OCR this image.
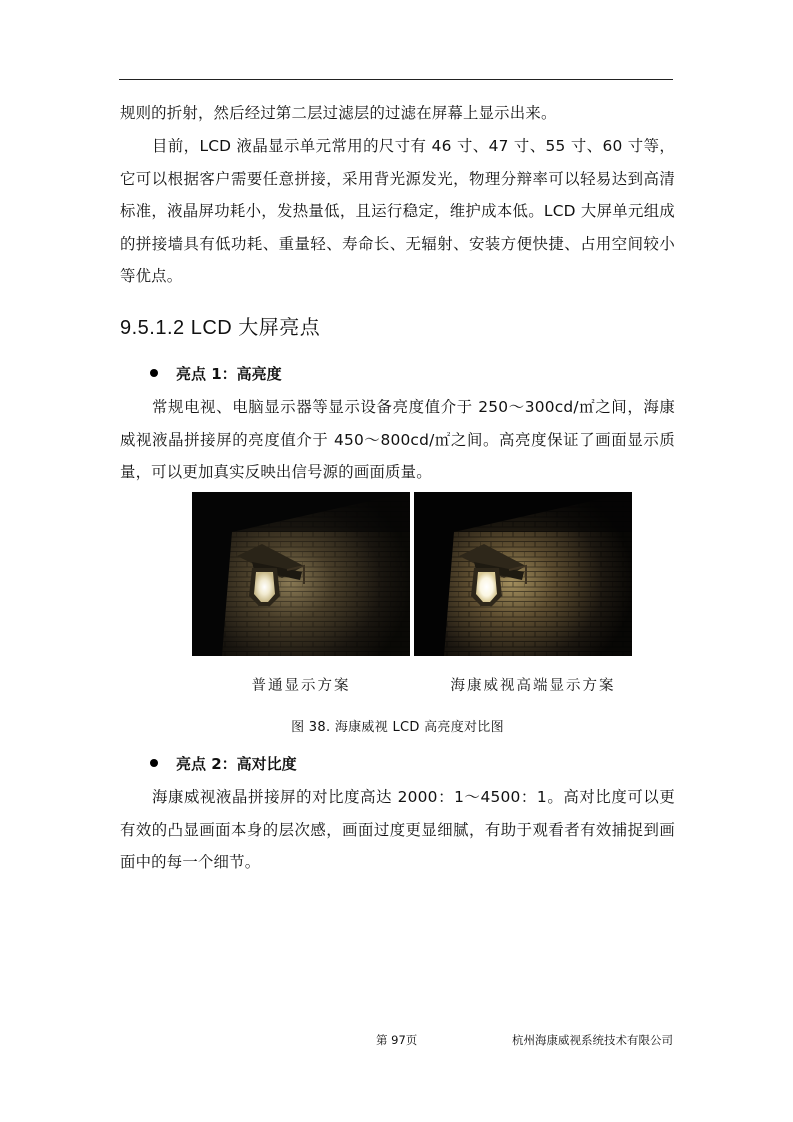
规则的折射，然后经过第二层过滤层的过滤在屏幕上显示出来。

目前，LCD 液晶显示单元常用的尺寸有 46 寸、47 寸、55 寸、60 寸等，它可以根据客户需要任意拼接，采用背光源发光，物理分辩率可以轻易达到高清标准，液晶屏功耗小，发热量低，且运行稳定，维护成本低。LCD 大屏单元组成的拼接墙具有低功耗、重量轻、寿命长、无辐射、安装方便快捷、占用空间较小等优点。

9.5.1.2 LCD 大屏亮点

亮点 1：高亮度

常规电视、电脑显示器等显示设备亮度值介于 250～300cd/㎡之间，海康威视液晶拼接屏的亮度值介于 450～800cd/㎡之间。高亮度保证了画面显示质量，可以更加真实反映出信号源的画面质量。

普通显示方案	海康威视高端显示方案
图 38. 海康威视 LCD 高亮度对比图

亮点 2：高对比度

海康威视液晶拼接屏的对比度高达 2000：1～4500：1。高对比度可以更有效的凸显画面本身的层次感，画面过度更显细腻，有助于观看者有效捕捉到画面中的每一个细节。

第 97页	杭州海康威视系统技术有限公司
